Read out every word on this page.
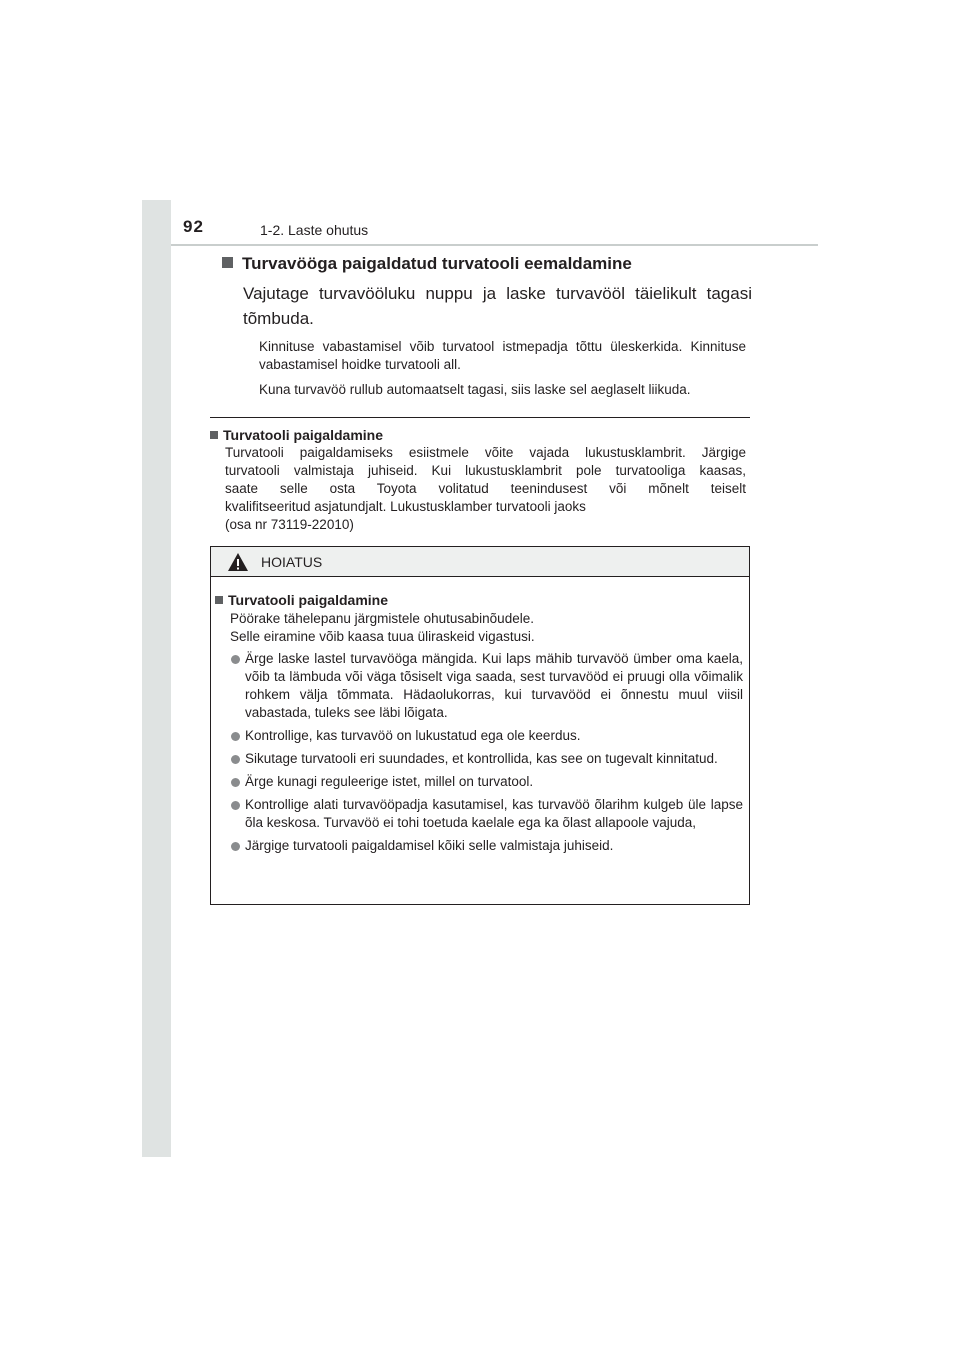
92	1-2. Laste ohutus
Turvavööga paigaldatud turvatooli eemaldamine

Vajutage turvavööluku nuppu ja laske turvavööl täielikult tagasi tõmbuda.

Kinnituse vabastamisel võib turvatool istmepadja tõttu üleskerkida. Kinnituse vabastamisel hoidke turvatooli all.

Kuna turvavöö rullub automaatselt tagasi, siis laske sel aeglaselt liikuda.

Turvatooli paigaldamine

Turvatooli paigaldamiseks esiistmele võite vajada lukustusklambrit. Järgige
turvatooli valmistaja juhiseid. Kui lukustusklambrit pole turvatooliga kaasas,
saate selle osta Toyota volitatud teenindusest või mõnelt teiselt
kvalifitseeritud asjatundjalt. Lukustusklamber turvatooli jaoks
(osa nr 73119-22010)

HOIATUS
Turvatooli paigaldamine

Pöörake tähelepanu järgmistele ohutusabinõudele.
Selle eiramine võib kaasa tuua üliraskeid vigastusi.

Ärge laske lastel turvavööga mängida. Kui laps mähib turvavöö ümber oma kaela, võib ta lämbuda või väga tõsiselt viga saada, sest turvavööd ei pruugi olla võimalik rohkem välja tõmmata. Hädaolukorras, kui turvavööd ei õnnestu muul viisil vabastada, tuleks see läbi lõigata.
Kontrollige, kas turvavöö on lukustatud ega ole keerdus.
Sikutage turvatooli eri suundades, et kontrollida, kas see on tugevalt kinnitatud.
Ärge kunagi reguleerige istet, millel on turvatool.
Kontrollige alati turvavööpadja kasutamisel, kas turvavöö õlarihm kulgeb üle lapse õla keskosa. Turvavöö ei tohi toetuda kaelale ega ka õlast allapoole vajuda,
Järgige turvatooli paigaldamisel kõiki selle valmistaja juhiseid.
